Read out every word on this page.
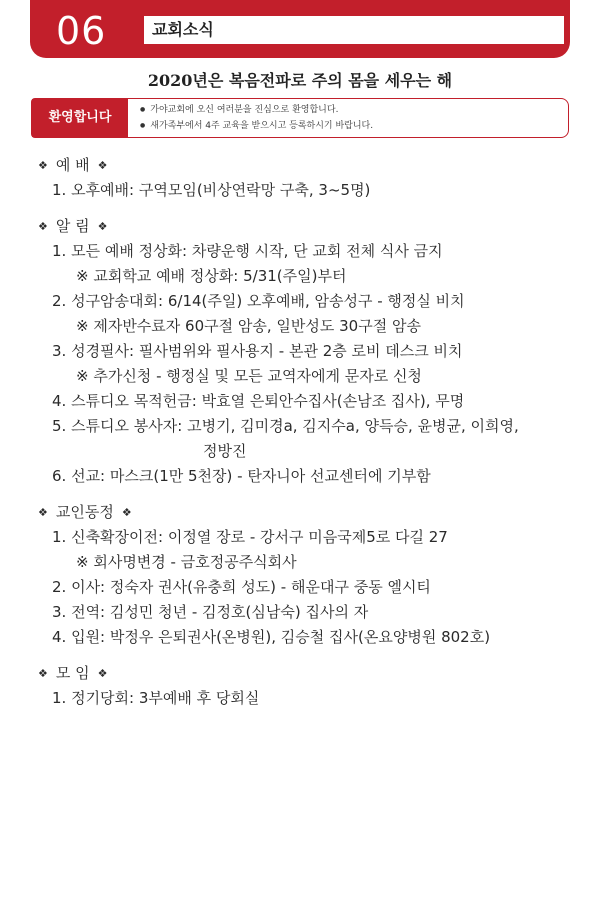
06	교회소식
2020년은 복음전파로 주의 몸을 세우는 해
환영합니다
●	가야교회에 오신 여러분을 진심으로 환영합니다.
● 새가족부에서 4주 교육을 받으시고 등록하시기 바랍니다.
❖ 예 배 ❖
1. 오후예배: 구역모임(비상연락망 구축, 3~5명)
❖ 알 림 ❖
1. 모든 예배 정상화: 차량운행 시작, 단 교회 전체 식사 금지
※ 교회학교 예배 정상화: 5/31(주일)부터
2. 성구암송대회: 6/14(주일) 오후예배, 암송성구 - 행정실 비치
※ 제자반수료자 60구절 암송, 일반성도 30구절 암송
3. 성경필사: 필사범위와 필사용지 - 본관 2층 로비 데스크 비치
※ 추가신청 - 행정실 및 모든 교역자에게 문자로 신청
4. 스튜디오 목적헌금: 박효열 은퇴안수집사(손남조 집사), 무명
5. 스튜디오 봉사자: 고병기, 김미경a, 김지수a, 양득승, 윤병균, 이희영,
정방진
6. 선교: 마스크(1만 5천장) - 탄자니아 선교센터에 기부함
❖ 교인동정 ❖
1. 신축확장이전: 이정열 장로 - 강서구 미음국제5로 다길 27
※ 회사명변경 - 금호정공주식회사
2. 이사: 정숙자 권사(유충희 성도) - 해운대구 중동 엘시티
3. 전역: 김성민 청년 - 김정호(심남숙) 집사의 자
4. 입원: 박정우 은퇴권사(온병원), 김승철 집사(온요양병원 802호)
❖ 모 임 ❖
1. 정기당회: 3부예배 후 당회실
